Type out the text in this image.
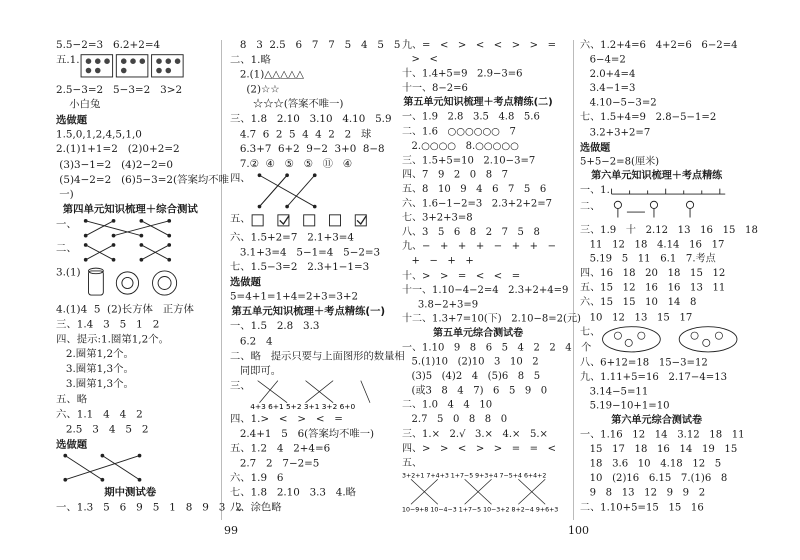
5.5−2=3   6.2+2=4
五.1.
2.5−3=2   5−3=2   3>2
小白兔
选做题
1.5,0,1,2,4,5,1,0
2.(1)1+1=2   (2)0+2=2
(3)3−1=2   (4)2−2=0
(5)4−2=2   (6)5−3=2(答案均不唯
一)
第四单元知识梳理＋综合测试
一、
二、
3.(1)
4.(1)4  5  (2)长方体   正方体
三、1.4   3   5   1   2
四、提示:1.圈第1,2个。
2.圈第1,2个。
3.圈第1,3个。
3.圈第1,3个。
五、略
六、1.1   4   4   2
2.5   3   4   5   2
选做题
期中测试卷
一、1.3   5   6   9   5   1   8   9   3   2
8   3  2.5   6   7   7   5   4   5   5
二、1.略
2.(1)△△△△△
(2)☆☆
☆☆☆(答案不唯一)
三、1.8   2.10   3.10   4.10   5.9
4.7  6  2  5  4  4  2   2   球
6.3+7  6+2  9−2  3+0  8−8
7.②  ④   ⑤   ⑤   ⑪   ④
四、
五、
六、1.5+2=7   2.1+3=4
3.1+3=4   5−1=4   5−2=3
七、1.5−3=2   2.3+1−1=3
选做题
5=4+1=1+4=2+3=3+2
第五单元知识梳理＋考点精练(一)
一、1.5   2.8   3.3
6.2   4
二、略   提示只要与上面图形的数量相
同即可。
三、
4+3 6+1 5+2 3+1 3+2 6+0
四、1.>   <   >   <   =
2.4+1   5   6(答案均不唯一)
五、1.2   4   2+4=6
2.7   2   7−2=5
六、1.9   6
七、1.8   2.10   3.3   4.略
八、涂色略
九、=   <   >   <   <   >   >   =
>   <
十、1.4+5=9   2.9−3=6
十一、8−2=6
第五单元知识梳理＋考点精练(二)
一、1.9   2.8   3.5   4.8   5.6
二、1.6   ○○○○○○   7
2.○○○○   8.○○○○○
三、1.5+5=10   2.10−3=7
四、7   9   2   0   8   7
五、8   10   9   4   6   7   5   6
六、1.6−1−2=3   2.3+2+2=7
七、3+2+3=8
八、3   5   6   8   2   7   5   8
九、−   +   +   +   −   +   +   −
+   −   +   +
十、>   >   =   <   <   =
十一、1.10−4−2=4   2.3+2+4=9
3.8−2+3=9
十二、1.3+7=10(下)   2.10−8=2(元)
第五单元综合测试卷
一、1.10   9   8   6   5   4   2   2   4   个
5.(1)10   (2)10   3   10   2
(3)5   (4)2   4   (5)6   8   5
(或3   8   4   7)   6   5   9   0
二、1.0   4   4   10
2.7   5   0   8   8   0
三、1.×   2.√   3.×   4.×   5.×
四、>   >   <   >   >   =   =   <
五、
3+2+1 7+4+3 1+7−5 9+3+4 7−5+4 6+4+2
10−9+8 10−4−3 1+7−5 10−3+2 8+2−4 9+6+3
六、1.2+4=6   4+2=6   6−2=4
6−4=2
2.0+4=4
3.4−1=3
4.10−5−3=2
七、1.5+4=9   2.8−5−1=2
3.2+3+2=7
选做题
5+5−2=8(厘米)
第六单元知识梳理＋考点精练
一、1.
二、
三、1.9   十   2.12   13   16   15   18
11   12   18   4.14   16   17
5.19   5   11   6.1   7.考点
四、16   18   20   18   15   12
五、15   12   16   16   13   11
六、15   15   10   14   8
10   12   13   15   17
七、
八、6+12=18   15−3=12
九、1.11+5=16   2.17−4=13
3.14−5=11
5.19−10+1=10
第六单元综合测试卷
一、1.16   12   14   3.12   18   11
15   17   18   16   14   19   15
18   3.6   10   4.18   12   5
10   (2)16   6.15   7.(1)6   8
9   8   13   12   9   9   2
二、1.10+5=15   15   16
99	100
